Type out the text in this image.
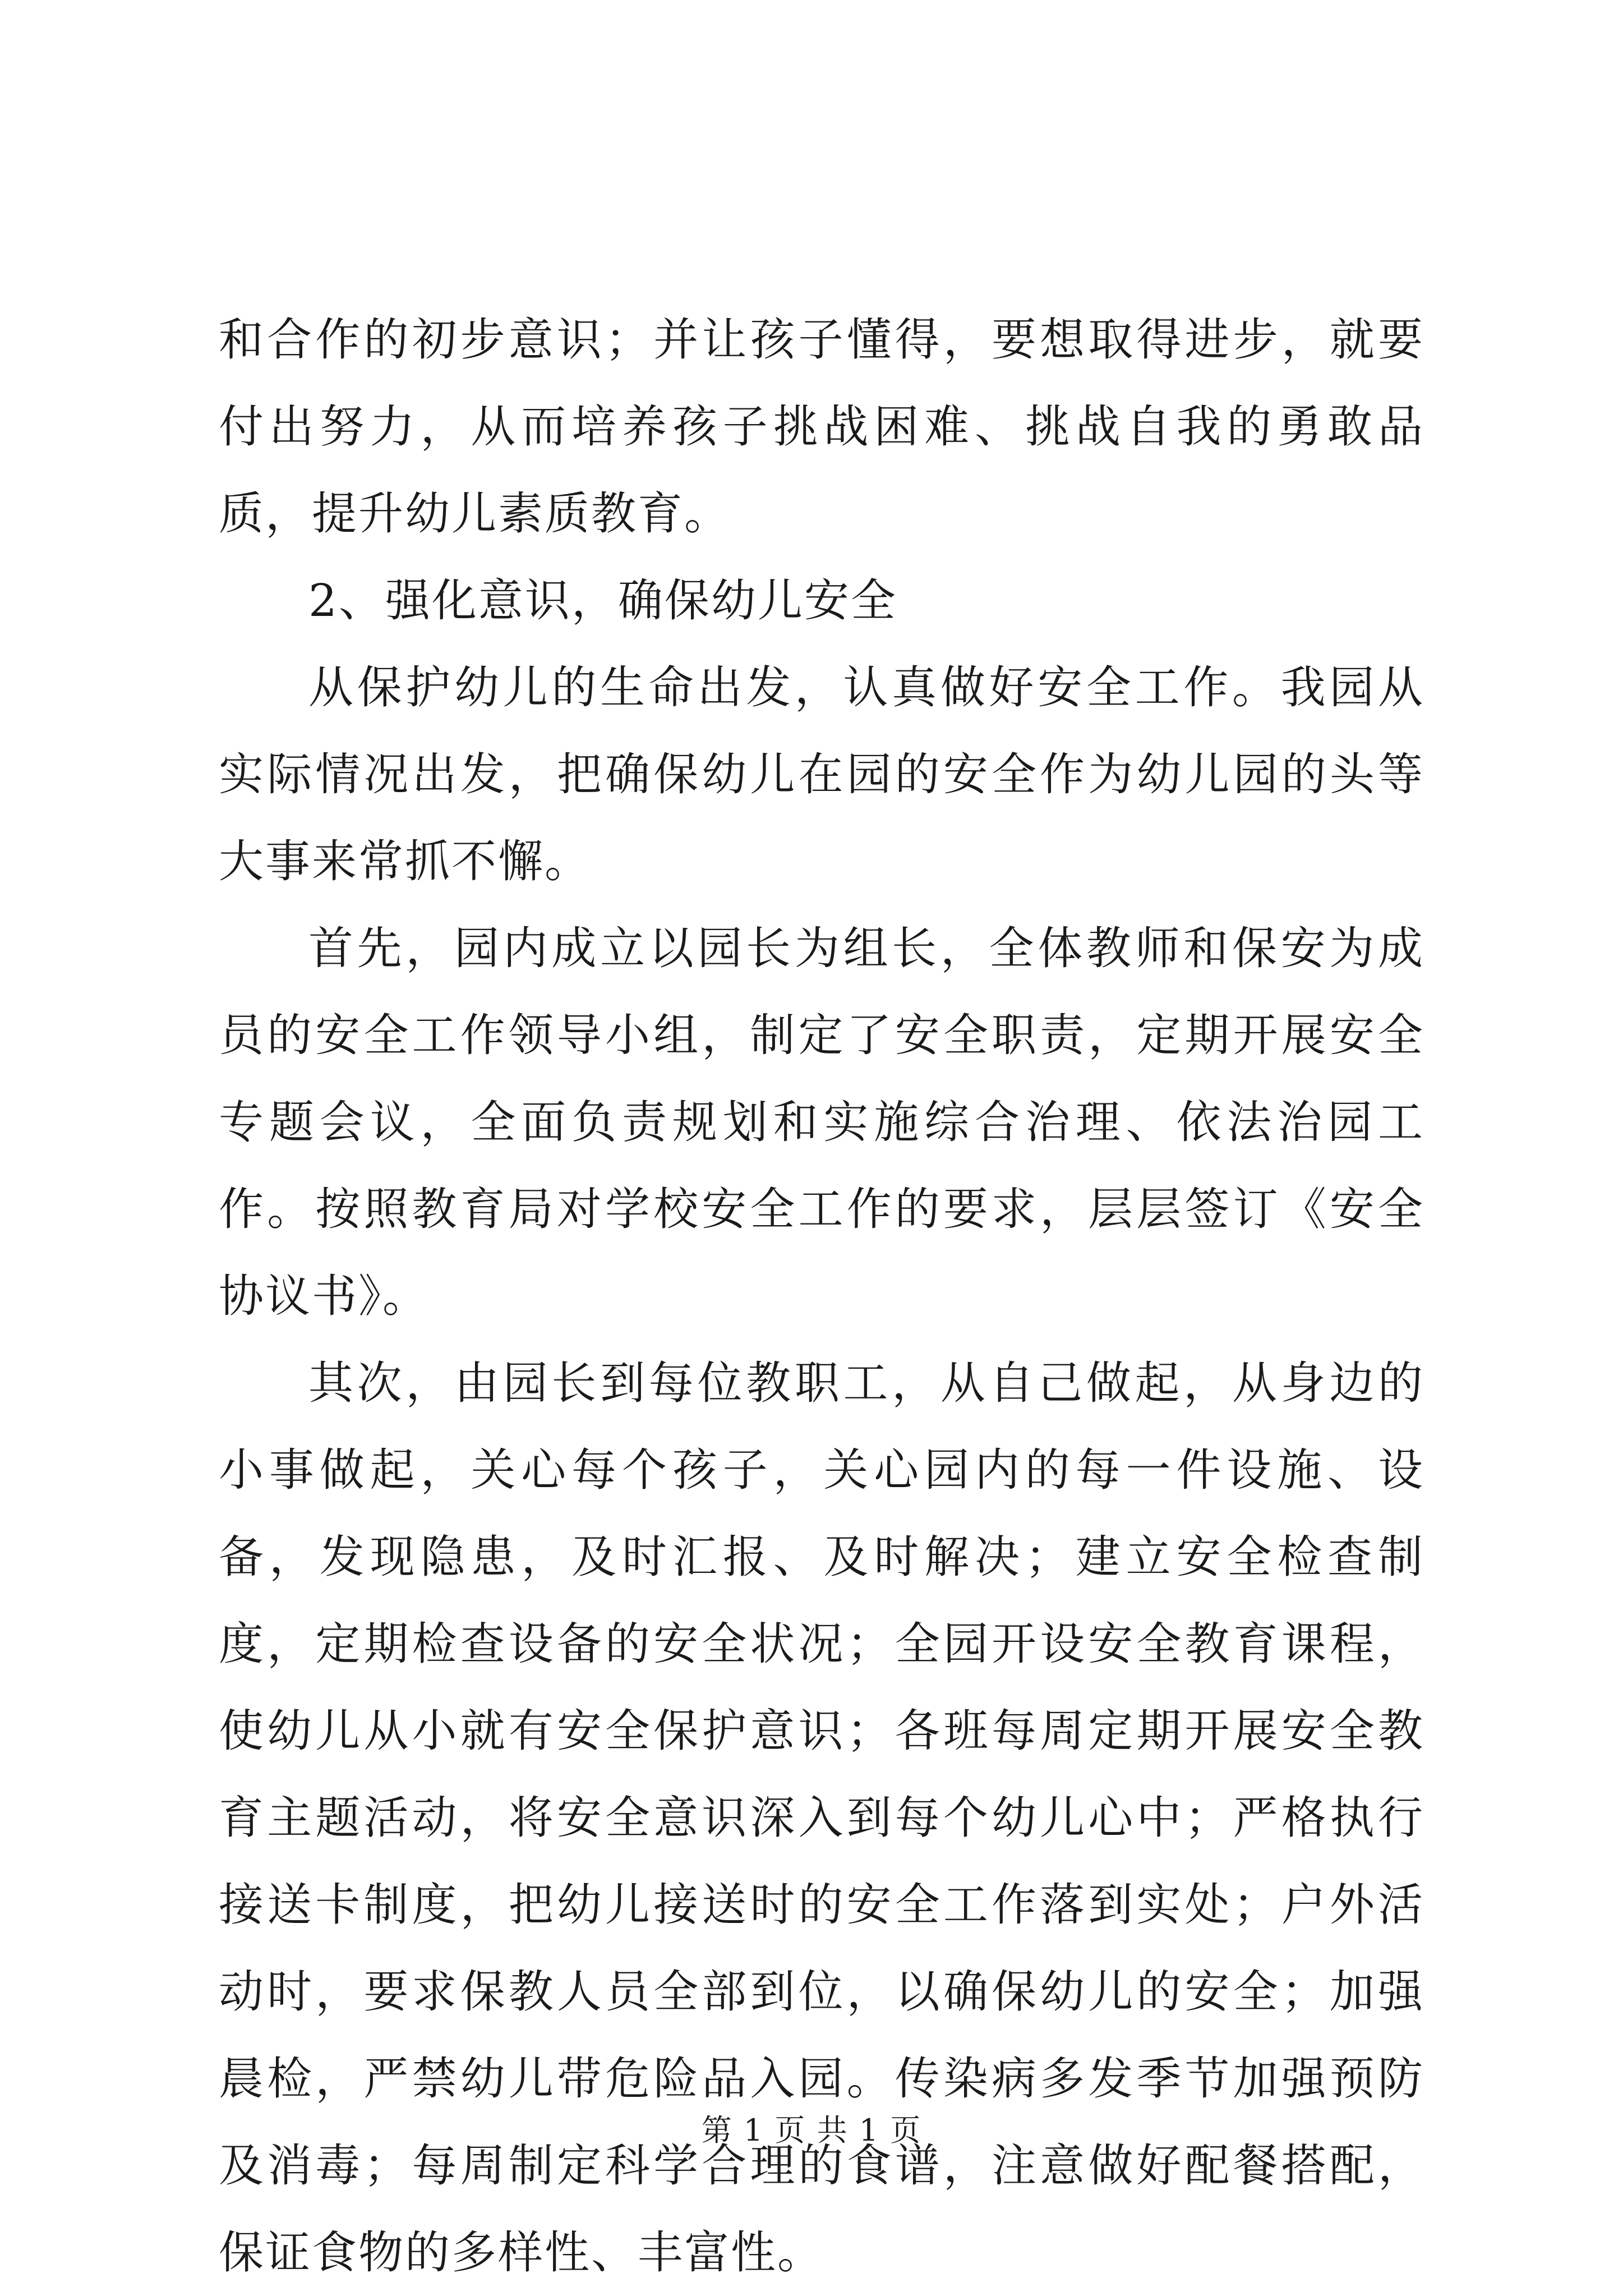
和合作的初步意识；并让孩子懂得，要想取得进步，就要付出努力，从而培养孩子挑战困难、挑战自我的勇敢品质，提升幼儿素质教育。

2、强化意识，确保幼儿安全

从保护幼儿的生命出发，认真做好安全工作。我园从实际情况出发，把确保幼儿在园的安全作为幼儿园的头等大事来常抓不懈。

首先，园内成立以园长为组长，全体教师和保安为成员的安全工作领导小组，制定了安全职责，定期开展安全专题会议，全面负责规划和实施综合治理、依法治园工作。按照教育局对学校安全工作的要求，层层签订《安全协议书》。

其次，由园长到每位教职工，从自己做起，从身边的小事做起，关心每个孩子，关心园内的每一件设施、设备，发现隐患，及时汇报、及时解决；建立安全检查制度，定期检查设备的安全状况；全园开设安全教育课程，使幼儿从小就有安全保护意识；各班每周定期开展安全教育主题活动，将安全意识深入到每个幼儿心中；严格执行接送卡制度，把幼儿接送时的安全工作落到实处；户外活动时，要求保教人员全部到位，以确保幼儿的安全；加强晨检，严禁幼儿带危险品入园。传染病多发季节加强预防及消毒；每周制定科学合理的食谱，注意做好配餐搭配，保证食物的多样性、丰富性。

第 1 页 共 1 页
